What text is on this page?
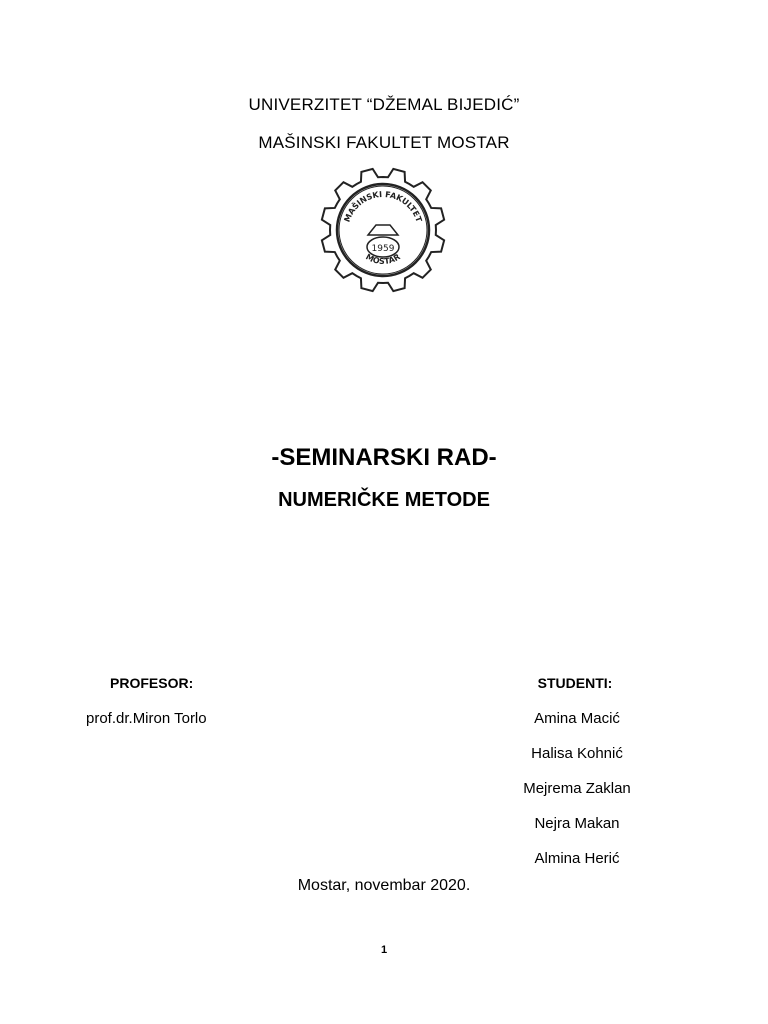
UNIVERZITET “DŽEMAL BIJEDIĆ”
MAŠINSKI FAKULTET MOSTAR
MAŠINSKI FAKULTET
1959
MOSTAR
-SEMINARSKI RAD-
NUMERIČKE METODE
PROFESOR:
prof.dr.Miron Torlo
STUDENTI:
Amina Macić
Halisa Kohnić
Mejrema Zaklan
Nejra Makan
Almina Herić
Mostar, novembar 2020.
1
